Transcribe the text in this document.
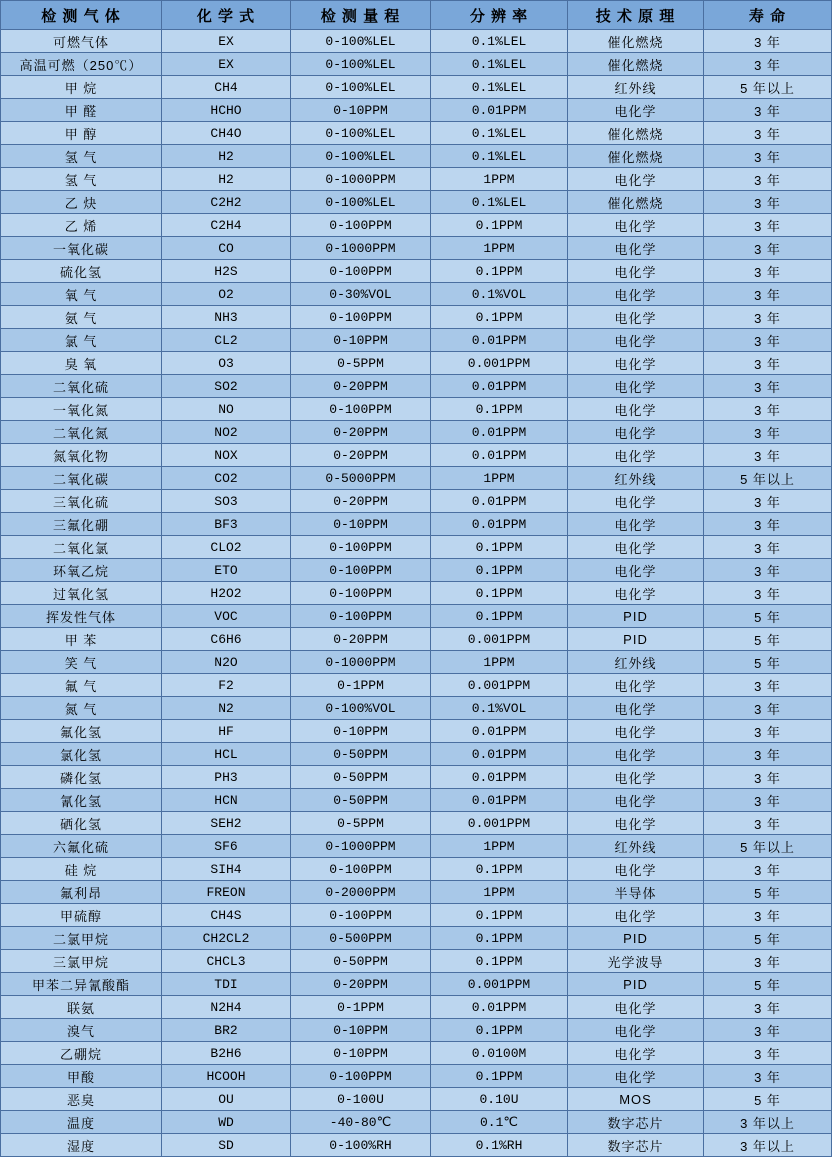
检 测 气 体	化 学 式	检 测 量 程	分 辨 率	技 术 原 理	寿 命
可燃气体	EX	0-100%LEL	0.1%LEL	催化燃烧	3 年
高温可燃（250℃）	EX	0-100%LEL	0.1%LEL	催化燃烧	3 年
甲 烷	CH4	0-100%LEL	0.1%LEL	红外线	5 年以上
甲 醛	HCHO	0-10PPM	0.01PPM	电化学	3 年
甲 醇	CH4O	0-100%LEL	0.1%LEL	催化燃烧	3 年
氢 气	H2	0-100%LEL	0.1%LEL	催化燃烧	3 年
氢 气	H2	0-1000PPM	1PPM	电化学	3 年
乙 炔	C2H2	0-100%LEL	0.1%LEL	催化燃烧	3 年
乙 烯	C2H4	0-100PPM	0.1PPM	电化学	3 年
一氧化碳	CO	0-1000PPM	1PPM	电化学	3 年
硫化氢	H2S	0-100PPM	0.1PPM	电化学	3 年
氧 气	O2	0-30%VOL	0.1%VOL	电化学	3 年
氨 气	NH3	0-100PPM	0.1PPM	电化学	3 年
氯 气	CL2	0-10PPM	0.01PPM	电化学	3 年
臭 氧	O3	0-5PPM	0.001PPM	电化学	3 年
二氧化硫	SO2	0-20PPM	0.01PPM	电化学	3 年
一氧化氮	NO	0-100PPM	0.1PPM	电化学	3 年
二氧化氮	NO2	0-20PPM	0.01PPM	电化学	3 年
氮氧化物	NOX	0-20PPM	0.01PPM	电化学	3 年
二氧化碳	CO2	0-5000PPM	1PPM	红外线	5 年以上
三氧化硫	SO3	0-20PPM	0.01PPM	电化学	3 年
三氟化硼	BF3	0-10PPM	0.01PPM	电化学	3 年
二氧化氯	CLO2	0-100PPM	0.1PPM	电化学	3 年
环氧乙烷	ETO	0-100PPM	0.1PPM	电化学	3 年
过氧化氢	H2O2	0-100PPM	0.1PPM	电化学	3 年
挥发性气体	VOC	0-100PPM	0.1PPM	PID	5 年
甲 苯	C6H6	0-20PPM	0.001PPM	PID	5 年
笑 气	N2O	0-1000PPM	1PPM	红外线	5 年
氟 气	F2	0-1PPM	0.001PPM	电化学	3 年
氮 气	N2	0-100%VOL	0.1%VOL	电化学	3 年
氟化氢	HF	0-10PPM	0.01PPM	电化学	3 年
氯化氢	HCL	0-50PPM	0.01PPM	电化学	3 年
磷化氢	PH3	0-50PPM	0.01PPM	电化学	3 年
氰化氢	HCN	0-50PPM	0.01PPM	电化学	3 年
硒化氢	SEH2	0-5PPM	0.001PPM	电化学	3 年
六氟化硫	SF6	0-1000PPM	1PPM	红外线	5 年以上
硅 烷	SIH4	0-100PPM	0.1PPM	电化学	3 年
氟利昂	FREON	0-2000PPM	1PPM	半导体	5 年
甲硫醇	CH4S	0-100PPM	0.1PPM	电化学	3 年
二氯甲烷	CH2CL2	0-500PPM	0.1PPM	PID	5 年
三氯甲烷	CHCL3	0-50PPM	0.1PPM	光学波导	3 年
甲苯二异氰酸酯	TDI	0-20PPM	0.001PPM	PID	5 年
联氨	N2H4	0-1PPM	0.01PPM	电化学	3 年
溴气	BR2	0-10PPM	0.1PPM	电化学	3 年
乙硼烷	B2H6	0-10PPM	0.0100M	电化学	3 年
甲酸	HCOOH	0-100PPM	0.1PPM	电化学	3 年
恶臭	OU	0-100U	0.10U	MOS	5 年
温度	WD	-40-80℃	0.1℃	数字芯片	3 年以上
湿度	SD	0-100%RH	0.1%RH	数字芯片	3 年以上
